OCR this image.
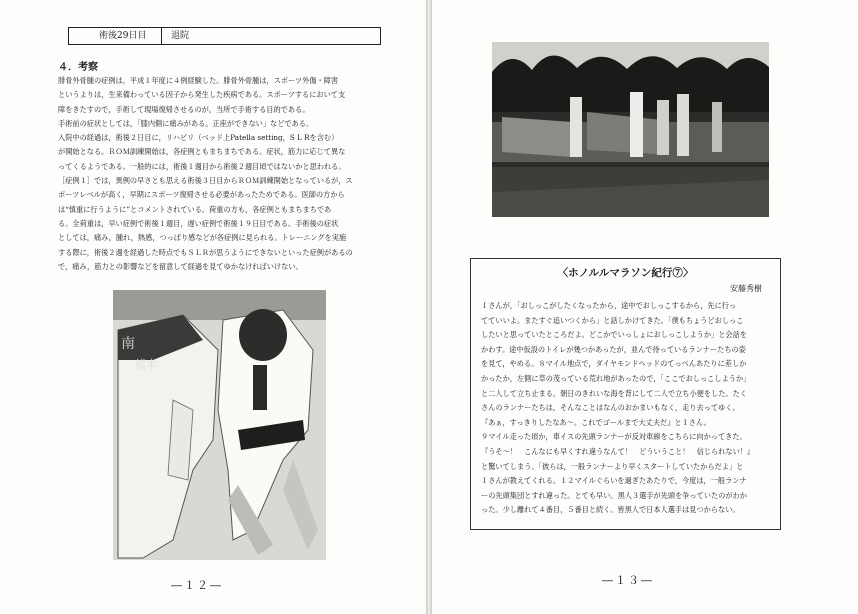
術後29日目	退院
４．考察

腓骨外骨腫の症例は，平成１年度に４例経験した。腓骨外骨腫は，スポーツ外傷・障害

というよりは，生来備わっている因子から発生した疾病である。スポーツするにおいて支

障をきたすので，手術して現場復帰させるのが，当所で手術する目的である。

手術前の症状としては，「膝内側に痛みがある。正座ができない」などである。

入院中の経過は，術後２日目に，リハビリ（ベッド上Patella setting，S L Rを含む）

が開始となる。ＲＯＭ訓練開始は，各症例ともまちまちである。症状，筋力に応じて異な

ってくるようである。一般的には，術後１週目から術後２週目頃ではないかと思われる。

［症例１］では，異例の早さとも思える術後３日目からＲＯＭ訓練開始となっているが，ス

ポーツレベルが高く，早期にスポーツ復帰させる必要があったためである。医師の方から

は“慎重に行うように”とコメントされている。荷重の方も，各症例ともまちまちであ

る。全荷重は，早い症例で術後１週目，遅い症例で術後１９日目である。手術後の症状

としては，痛み，腫れ，熱感，つっぱり感などが各症例に見られる。トレーニングを実施

する際に，術後２週を経過した時点でもＳＬＲが思うようにできないといった症例があるの

で，痛み，筋力との影響などを留意して経過を見てゆかなければいけない。

南
熊本
―１２―
〈ホノルルマラソン紀行⑦〉
安藤秀樹

Ｉさんが，「おしっこがしたくなったから，途中でおしっこするから，先に行っ

てていいよ。またすぐ追いつくから」と話しかけてきた。「僕もちょうどおしっこ

したいと思っていたところだよ。どこかでいっしょにおしっこしようか」と会話を

かわす。途中仮設のトイレが幾つかあったが，並んで待っているランナーたちの姿

を見て，やめる。８マイル地点で，ダイヤモンドヘッドのてっぺんあたりに差しか

かったか，左側に草の茂っている荒れ地があったので，「ここでおしっこしようか」

と二人して立ち止まる。朝日のきれいな海を背にして二人で立ち小便をした。たく

さんのランナーたちは，そんなことはなんのおかまいもなく，走り去ってゆく。

『あぁ，すっきりしたなあ～。これでゴールまで大丈夫だ』とＩさん。

９マイル走った頃か，車イスの先頭ランナーが反対車線をこちらに向かってきた。

『うそ～！　こんなにも早くすれ違うなんて！　どういうこと！　信じられない！』

と驚いてしまう。「彼らは，一般ランナーより早くスタートしていたからだよ」と

Ｉさんが教えてくれる。１２マイルぐらいを過ぎたあたりで，今度は，一般ランナ

ーの先頭集団とすれ違った。とても早い。黒人３選手が先頭を争っていたのがわか

った。少し離れて４番目，５番目と続く。皆黒人で日本人選手は見つからない。

―１３―
